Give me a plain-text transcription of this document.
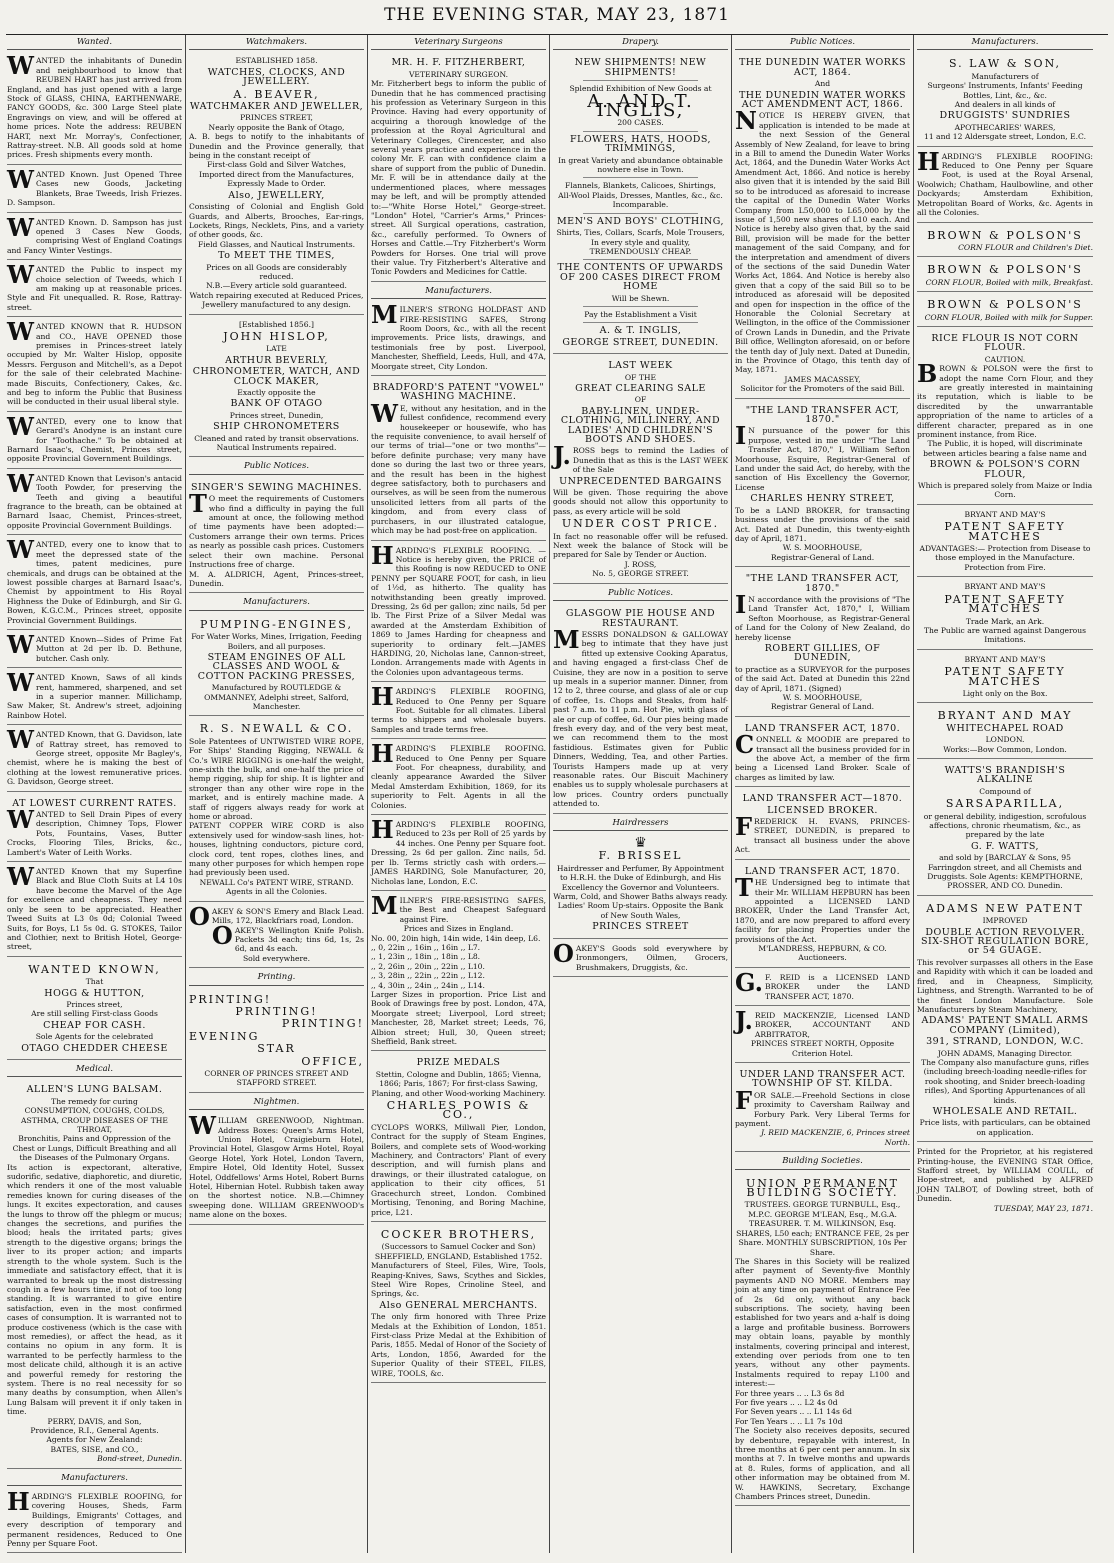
THE EVENING STAR, MAY 23, 1871
Wanted.

WANTED the inhabitants of Dunedin and neighbourhood to know that REUBEN HART has just arrived from England, and has just opened with a large Stock of GLASS, CHINA, EARTHENWARE, FANCY GOODS, &c. 300 Large Steel plate Engravings on view, and will be offered at home prices. Note the address: REUBEN HART, next Mr. Morray's, Confectioner, Rattray-street. N.B. All goods sold at home prices. Fresh shipments every month.

WANTED Known. Just Opened Three Cases new Goods, Jacketing Blankets, Brae Tweeds, Irish Friezes. D. Sampson.

WANTED Known. D. Sampson has just opened 3 Cases New Goods, comprising West of England Coatings and Fancy Winter Vestings.

WANTED the Public to inspect my choice selection of Tweeds, which I am making up at reasonable prices. Style and Fit unequalled. R. Rose, Rattray-street.

WANTED KNOWN that R. HUDSON and CO., HAVE OPENED those premises in Princes-street lately occupied by Mr. Walter Hislop, opposite Messrs. Ferguson and Mitchell's, as a Depot for the sale of their celebrated Machine-made Biscuits, Confectionery, Cakes, &c. and beg to inform the Public that Business will be conducted in their usual liberal style.

WANTED, every one to know that Gerard's Anodyne is an instant cure for "Toothache." To be obtained at Barnard Isaac's, Chemist, Princes street, opposite Provincial Government Buildings.

WANTED Known that Levison's antacid Tooth Powder, for preserving the Teeth and giving a beautiful fragrance to the breath, can be obtained at Barnard Isaac, Chemist, Princes-street, opposite Provincial Government Buildings.

WANTED, every one to know that to meet the depressed state of the times, patent medicines, pure chemicals, and drugs can be obtained at the lowest possible charges at Barnard Isaac's, Chemist by appointment to His Royal Highness the Duke of Edinburgh, and Sir G. Bowen, K.G.C.M., Princes street, opposite Provincial Government Buildings.

WANTED Known—Sides of Prime Fat Mutton at 2d per lb. D. Bethune, butcher. Cash only.

WANTED Known, Saws of all kinds rent, hammered, sharpened, and set in a superior manner. Millichamp, Saw Maker, St. Andrew's street, adjoining Rainbow Hotel.

WANTED Known, that G. Davidson, late of Rattray street, has removed to George street, opposite Mr Bagley's, chemist, where he is making the best of clothing at the lowest remunerative prices. G. Davidson, George street.

AT LOWEST CURRENT RATES.

WANTED to Sell Drain Pipes of every description, Chimney Tops, Flower Pots, Fountains, Vases, Butter Crocks, Flooring Tiles, Bricks, &c., Lambert's Water of Leith Works.

WANTED Known that my Superfine Black and Blue Cloth Suits at L4 10s have become the Marvel of the Age for excellence and cheapness. They need only be seen to be appreciated. Heather Tweed Suits at L3 0s 0d; Colonial Tweed Suits, for Boys, L1 5s 0d. G. STOKES, Tailor and Clothier, next to British Hotel, George-street,

WANTED KNOWN,

That

HOGG & HUTTON,

Princes street,

Are still selling First-class Goods

CHEAP FOR CASH.

Sole Agents for the celebrated

OTAGO CHEDDER CHEESE

Medical.

ALLEN'S LUNG BALSAM.

The remedy for curing

CONSUMPTION, COUGHS, COLDS, ASTHMA, CROUP DISEASES OF THE THROAT,

Bronchitis, Pains and Oppression of the Chest or Lungs, Difficult Breathing and all the Diseases of the Pulmonary Organs.

Its action is expectorant, alterative, sudorific, sedative, diaphoretic, and diuretic, which renders it one of the most valuable remedies known for curing diseases of the lungs. It excites expectoration, and causes the lungs to throw off the phlegm or mucus; changes the secretions, and purifies the blood; heals the irritated parts; gives strength to the digestive organs; brings the liver to its proper action; and imparts strength to the whole system. Such is the immediate and satisfactory effect, that it is warranted to break up the most distressing cough in a few hours time, if not of too long standing. It is warranted to give entire satisfaction, even in the most confirmed cases of consumption. It is warranted not to produce costiveness (which is the case with most remedies), or affect the head, as it contains no opium in any form. It is warranted to be perfectly harmless to the most delicate child, although it is an active and powerful remedy for restoring the system. There is no real necessity for so many deaths by consumption, when Allen's Lung Balsam will prevent it if only taken in time.

PERRY, DAVIS, and Son,

Providence, R.I., General Agents.

Agents for New Zealand:

BATES, SISE, and CO.,

Bond-street, Dunedin.

Manufacturers.

HARDING'S FLEXIBLE ROOFING, for covering Houses, Sheds, Farm Buildings, Emigrants' Cottages, and every description of temporary and permanent residences, Reduced to One Penny per Square Foot.

Watchmakers.

ESTABLISHED 1858.

WATCHES, CLOCKS, AND JEWELLERY.

A. BEAVER,

WATCHMAKER AND JEWELLER,

PRINCES STREET,

Nearly opposite the Bank of Otago,

A. B. begs to notify to the inhabitants of Dunedin and the Province generally, that being in the constant receipt of

First-class Gold and Silver Watches,

Imported direct from the Manufactures, Expressly Made to Order.

Also, JEWELLERY,

Consisting of Colonial and English Gold Guards, and Alberts, Brooches, Ear-rings, Lockets, Rings, Necklets, Pins, and a variety of other goods, &c.

Field Glasses, and Nautical Instruments.

To MEET THE TIMES,

Prices on all Goods are considerably reduced.

N.B.—Every article sold guaranteed.

Watch repairing executed at Reduced Prices,

Jewellery manufactured to any design.

[Established 1856.]

JOHN HISLOP,

LATE

ARTHUR BEVERLY,

CHRONOMETER, WATCH, AND CLOCK MAKER,

Exactly opposite the

BANK OF OTAGO

Princes street, Dunedin,

SHIP CHRONOMETERS

Cleaned and rated by transit observations. Nautical Instruments repaired.

Public Notices.

SINGER'S SEWING MACHINES.

TO meet the requirements of Customers who find a difficulty in paying the full amount at once, the following method of time payments have been adopted:—Customers arrange their own terms. Prices as nearly as possible cash prices. Customers select their own machine. Personal Instructions free of charge.

M. A. ALDRICH, Agent, Princes-street, Dunedin.

Manufacturers.

PUMPING-ENGINES,

For Water Works, Mines, Irrigation, Feeding Boilers, and all purposes.

STEAM ENGINES OF ALL CLASSES AND WOOL & COTTON PACKING PRESSES,

Manufactured by ROUTLEDGE & OMMANNEY, Adelphi street, Salford, Manchester.

R. S. NEWALL & CO.

Sole Patentees of UNTWISTED WIRE ROPE, For Ships' Standing Rigging, NEWALL & Co.'s WIRE RIGGING is one-half the weight, one-sixth the bulk, and one-half the price of hemp rigging, ship for ship. It is lighter and stronger than any other wire rope in the market, and is entirely machine made. A staff of riggers always ready for work at home or abroad.

PATENT COPPER WIRE CORD is also extensively used for window-sash lines, hot-houses, lightning conductors, picture cord, clock cord, tent ropes, clothes lines, and many other purposes for which hempen rope had previously been used.

NEWALL Co's PATENT WIRE, STRAND. Agents in all the Colonies.

OAKEY & SON'S Emery and Black Lead. Mills, 172, Blackfriars road, London.

OAKEY'S Wellington Knife Polish. Packets 3d each; tins 6d, 1s, 2s 6d, and 4s each.

Sold everywhere.

Printing.

PRINTING!

PRINTING!

PRINTING!

EVENING

STAR

OFFICE,

CORNER OF PRINCES STREET AND

STAFFORD STREET.

Nightmen.

WILLIAM GREENWOOD, Nightman. Address Boxes: Queen's Arms Hotel, Union Hotel, Craigieburn Hotel, Provincial Hotel, Glasgow Arms Hotel, Royal George Hotel, York Hotel, London Tavern, Empire Hotel, Old Identity Hotel, Sussex Hotel, Oddfellows' Arms Hotel, Robert Burns Hotel, Hibernian Hotel. Rubbish taken away on the shortest notice. N.B.—Chimney sweeping done. WILLIAM GREENWOOD's name alone on the boxes.

Veterinary Surgeons

MR. H. F. FITZHERBERT,

VETERINARY SURGEON.

Mr. Fitzherbert begs to inform the public of Dunedin that he has commenced practising his profession as Veterinary Surgeon in this Province. Having had every opportunity of acquiring a thorough knowledge of the profession at the Royal Agricultural and Veterinary Colleges, Cirencester, and also several years practice and experience in the colony Mr. F. can with confidence claim a share of support from the public of Dunedin. Mr. F. will be in attendance daily at the undermentioned places, where messages may be left, and will be promptly attended to:—"White Horse Hotel," George-street. "London" Hotel, "Carrier's Arms," Princes-street. All Surgical operations, castration, &c., carefully performed. To Owners of Horses and Cattle.—Try Fitzherbert's Worm Powders for Horses. One trial will prove their value. Try Fitzherbert's Alterative and Tonic Powders and Medicines for Cattle.

Manufacturers.

MILNER'S STRONG HOLDFAST AND FIRE-RESISTING SAFES, Strong Room Doors, &c., with all the recent improvements. Price lists, drawings, and testimonials free by post. Liverpool, Manchester, Sheffield, Leeds, Hull, and 47A, Moorgate street, City London.

BRADFORD'S PATENT "VOWEL" WASHING MACHINE.

WE, without any hesitation, and in the fullest confidence, recommend every housekeeper or housewife, who has the requisite convenience, to avail herself of our terms of trial—"one or two months"—before definite purchase; very many have done so during the last two or three years, and the result has been in the highest degree satisfactory, both to purchasers and ourselves, as will be seen from the numerous unsolicited letters from all parts of the kingdom, and from every class of purchasers, in our illustrated catalogue, which may be had post-free on application.

HARDING'S FLEXIBLE ROOFING. —Notice is hereby given, the PRICE of this Roofing is now REDUCED to ONE PENNY per SQUARE FOOT, for cash, in lieu of 1½d, as hitherto. The quality has notwithstanding been greatly improved. Dressing, 2s 6d per gallon; zinc nails, 5d per lb. The First Prize of a Silver Medal was awarded at the Amsterdam Exhibition of 1869 to James Harding for cheapness and superiority to ordinary felt.—JAMES HARDING, 20, Nicholas lane, Cannon-street, London. Arrangements made with Agents in the Colonies upon advantageous terms.

HARDING'S FLEXIBLE ROOFING, Reduced to One Penny per Square Foot. Suitable for all climates. Liberal terms to shippers and wholesale buyers. Samples and trade terms free.

HARDING'S FLEXIBLE ROOFING. Reduced to One Penny per Square Foot. For cheapness, durability, and cleanly appearance Awarded the Silver Medal Amsterdam Exhibition, 1869, for its superiority to Felt. Agents in all the Colonies.

HARDING'S FLEXIBLE ROOFING, Reduced to 23s per Roll of 25 yards by 44 inches. One Penny per Square foot. Dressing, 2s 6d per gallon. Zinc nails, 5d. per lb. Terms strictly cash with orders.—JAMES HARDING, Sole Manufacturer, 20, Nicholas lane, London, E.C.

MILNER'S FIRE-RESISTING SAFES, the Best and Cheapest Safeguard against Fire.

Prices and Sizes in England.

No. 00, 20in high, 14in wide, 14in deep, L6.

,, 0, 22in ,, 16in ,, 16in ,, L7.

,, 1, 23in ,, 18in ,, 18in ,, L8.

,, 2, 26in ,, 20in ,, 22in ,, L10.

,, 3, 28in ,, 22in ,, 22in ,, L12.

,, 4, 30in ,, 24in ,, 24in ,, L14.

Larger Sizes in proportion. Price List and Book of Drawings free by post. London, 47A, Moorgate street; Liverpool, Lord street; Manchester, 28, Market street; Leeds, 76, Albion street; Hull, 30, Queen street; Sheffield, Bank street.

PRIZE MEDALS

Stettin, Cologne and Dublin, 1865; Vienna, 1866; Paris, 1867; For first-class Sawing, Planing, and other Wood-working Machinery.

CHARLES POWIS & CO.,

CYCLOPS WORKS, Millwall Pier, London, Contract for the supply of Steam Engines, Boilers, and complete sets of Wood-working Machinery, and Contractors' Plant of every description, and will furnish plans and drawings, or their illustrated catalogue, on application to their city offices, 51 Gracechurch street, London. Combined Mortising, Tenoning, and Boring Machine, price, L21.

COCKER BROTHERS,

(Successors to Samuel Cocker and Son) SHEFFIELD, ENGLAND, Established 1752.

Manufacturers of Steel, Files, Wire, Tools, Reaping-Knives, Saws, Scythes and Sickles, Steel Wire Ropes, Crinoline Steel, and Springs, &c.

Also GENERAL MERCHANTS.

The only firm honored with Three Prize Medals at the Exhibition of London, 1851. First-class Prize Medal at the Exhibition of Paris, 1855. Medal of Honor of the Society of Arts, London, 1856, Awarded for the Superior Quality of their STEEL, FILES, WIRE, TOOLS, &c.

Drapery.

NEW SHIPMENTS! NEW SHIPMENTS!

Splendid Exhibition of New Goods at

A. AND T. INGLIS,

200 CASES.

FLOWERS, HATS, HOODS, TRIMMINGS,

In great Variety and abundance obtainable nowhere else in Town.

Flannels, Blankets, Calicoes, Shirtings,

All-Wool Plaids, Dresses, Mantles, &c., &c.

Incomparable.

MEN'S AND BOYS' CLOTHING,

Shirts, Ties, Collars, Scarfs, Mole Trousers,

In every style and quality,

TREMENDOUSLY CHEAP.

THE CONTENTS OF UPWARDS OF 200 CASES DIRECT FROM HOME

Will be Shewn.

Pay the Establishment a Visit

A. & T. INGLIS,

GEORGE STREET, DUNEDIN.

LAST WEEK

OF THE

GREAT CLEARING SALE

OF

BABY-LINEN, UNDER-CLOTHING, MILLINERY, AND LADIES' AND CHILDREN'S BOOTS AND SHOES.

J.ROSS begs to remind the Ladies of Dunedin that as this is the LAST WEEK of the Sale

UNPRECEDENTED BARGAINS

Will be given. Those requiring the above goods should not allow this opportunity to pass, as every article will be sold

UNDER COST PRICE.

In fact no reasonable offer will be refused. Next week the balance of Stock will be prepared for Sale by Tender or Auction.

J. ROSS,

No. 5, GEORGE STREET.

Public Notices.

GLASGOW PIE HOUSE AND RESTAURANT.

MESSRS DONALDSON & GALLOWAY beg to intimate that they have just fitted up extensive Cooking Aparatus, and having engaged a first-class Chef de Cuisine, they are now in a position to serve up meals in a superior manner. Dinner, from 12 to 2, three course, and glass of ale or cup of coffee, 1s. Chops and Steaks, from half-past 7 a.m. to 11 p.m. Hot Pie, with glass of ale or cup of coffee, 6d. Our pies being made fresh every day, and of the very best meat, we can recommend them to the most fastidious. Estimates given for Public Dinners, Wedding, Tea, and other Parties. Tourists Hampers made up at very reasonable rates. Our Biscuit Machinery enables us to supply wholesale purchasers at low prices. Country orders punctually attended to.

Hairdressers
♛

F. BRISSEL

Hairdresser and Perfumer, By Appointment to H.R.H. the Duke of Edinburgh, and His Excellency the Governor and Volunteers. Warm, Cold, and Shower Baths always ready. Ladies' Room Up-stairs. Opposite the Bank of New South Wales,

PRINCES STREET

OAKEY'S Goods sold everywhere by Ironmongers, Oilmen, Grocers, Brushmakers, Druggists, &c.

Public Notices.

THE DUNEDIN WATER WORKS ACT, 1864.

And

THE DUNEDIN WATER WORKS ACT AMENDMENT ACT, 1866.

NOTICE IS HEREBY GIVEN, that application is intended to be made at the next Session of the General Assembly of New Zealand, for leave to bring in a Bill to amend the Dunedin Water Works Act, 1864, and the Dunedin Water Works Act Amendment Act, 1866. And notice is hereby also given that it is intended by the said Bill so to be introduced as aforesaid to increase the capital of the Dunedin Water Works Company from L50,000 to L65,000 by the issue of 1,500 new shares of L10 each. And Notice is hereby also given that, by the said Bill, provision will be made for the better management of the said Company, and for the interpretation and amendment of divers of the sections of the said Dunedin Water Works Act, 1864. And Notice is hereby also given that a copy of the said Bill so to be introduced as aforesaid will be deposited and open for inspection in the office of the Honorable the Colonial Secretary at Wellington, in the office of the Commissioner of Crown Lands in Dunedin, and the Private Bill office, Wellington aforesaid, on or before the tenth day of July next. Dated at Dunedin, in the Province of Otago, this tenth day of May, 1871.

JAMES MACASSEY,

Solicitor for the Promoters of the said Bill.

"THE LAND TRANSFER ACT, 1870."

IN pursuance of the power for this purpose, vested in me under "The Land Transfer Act, 1870," I, William Sefton Moorhouse, Esquire, Registrar-General of Land under the said Act, do hereby, with the sanction of His Excellency the Governor, License

CHARLES HENRY STREET,

To be a LAND BROKER, for transacting business under the provisions of the said Act. Dated at Dunedin, this twenty-eighth day of April, 1871.

W. S. MOORHOUSE,

Registrar-General of Land.

"THE LAND TRANSFER ACT, 1870."

IN accordance with the provisions of "The Land Transfer Act, 1870," I, William Sefton Moorhouse, as Registrar-General of Land for the Colony of New Zealand, do hereby license

ROBERT GILLIES, OF DUNEDIN,

to practice as a SURVEYOR for the purposes of the said Act. Dated at Dunedin this 22nd day of April, 1871. (Signed)

W. S. MOORHOUSE,

Registrar General of Land.

LAND TRANSFER ACT, 1870.

CONNELL & MOODIE are prepared to transact all the business provided for in the above Act, a member of the firm being a Licensed Land Broker. Scale of charges as limited by law.

LAND TRANSFER ACT—1870.

LICENSED BROKER.

FREDERICK H. EVANS, PRINCES-STREET, DUNEDIN, is prepared to transact all business under the above Act.

LAND TRANSFER ACT, 1870.

THE Undersigned beg to intimate that their Mr. WILLIAM HEPBURN has been appointed a LICENSED LAND BROKER, Under the Land Transfer Act, 1870, and are now prepared to afford every facility for placing Properties under the provisions of the Act.

M'LANDRESS, HEPBURN, & CO. Auctioneers.

G.F. REID is a LICENSED LAND BROKER under the LAND TRANSFER ACT, 1870.

J.REID MACKENZIE, Licensed LAND BROKER, ACCOUNTANT AND ARBITRATOR,

PRINCES STREET NORTH, Opposite Criterion Hotel.

UNDER LAND TRANSFER ACT. TOWNSHIP OF ST. KILDA.

FOR SALE.—Freehold Sections in close proximity to Caversham Railway and Forbury Park. Very Liberal Terms for payment.

J. REID MACKENZIE, 6, Princes street North.

Building Societies.

UNION PERMANENT BUILDING SOCIETY.

TRUSTEES. GEORGE TURNBULL, Esq., M.P.C. GEORGE M'LEAN, Esq., M.G.A.

TREASURER. T. M. WILKINSON, Esq.

SHARES, L50 each; ENTRANCE FEE, 2s per Share. MONTHLY SUBSCRIPTION, 10s Per Share.

The Shares in this Society will be realized after payment of Seventy-five Monthly payments AND NO MORE. Members may join at any time on payment of Entrance Fee of 2s 6d only, without any back subscriptions. The society, having been established for two years and a-half is doing a large and profitable business. Borrowers may obtain loans, payable by monthly instalments, covering principal and interest, extending over periods from one to ten years, without any other payments. Instalments required to repay L100 and interest:—

For three years .. .. L3 6s 8d

For five years .. .. L2 4s 0d

For Seven years .. .. L1 14s 6d

For Ten Years .. .. L1 7s 10d

The Society also receives deposits, secured by debenture, repayable with interest, In three months at 6 per cent per annum. In six months at 7. In twelve months and upwards at 8. Rules, forms of application, and all other information may be obtained from M. W. HAWKINS, Secretary, Exchange Chambers Princes street, Dunedin.

Manufacturers.

S. LAW & SON,

Manufacturers of

Surgeons' Instruments, Infants' Feeding Bottles, Lint, &c., &c.

And dealers in all kinds of

DRUGGISTS' SUNDRIES

APOTHECARIES' WARES,

11 and 12 Aldersgate street, London, E.C.

HARDING'S FLEXIBLE ROOFING: Reduced to One Penny per Square Foot, is used at the Royal Arsenal, Woolwich; Chatham, Haulbowline, and other Dockyards; Amsterdam Exhibition, Metropolitan Board of Works, &c. Agents in all the Colonies.

BROWN & POLSON'S

CORN FLOUR and Children's Diet.

BROWN & POLSON'S

CORN FLOUR, Boiled with milk, Breakfast.

BROWN & POLSON'S

CORN FLOUR, Boiled with milk for Supper.

RICE FLOUR IS NOT CORN FLOUR.

CAUTION.

BROWN & POLSON were the first to adopt the name Corn Flour, and they are greatly interested in maintaining its reputation, which is liable to be discredited by the unwarrantable appropriation of the name to articles of a different character, prepared as in one prominent instance, from Rice.

The Public, it is hoped, will discriminate between articles bearing a false name and

BROWN & POLSON'S CORN FLOUR,

Which is prepared solely from Maize or India Corn.

BRYANT AND MAY'S

PATENT SAFETY MATCHES

ADVANTAGES:— Protection from Disease to those employed in the Manufacture. Protection from Fire.

BRYANT AND MAY'S

PATENT SAFETY MATCHES

Trade Mark, an Ark.

The Public are warned against Dangerous Imitations.

BRYANT AND MAY'S

PATENT SAFETY MATCHES

Light only on the Box.

BRYANT AND MAY

WHITECHAPEL ROAD

LONDON.

Works:—Bow Common, London.

WATTS'S BRANDISH'S ALKALINE

Compound of

SARSAPARILLA,

or general debility, indigestion, scrofulous affections, chronic rheumatism, &c., as prepared by the late

G. F. WATTS,

and sold by [BARCLAY & Sons, 95 Farringdon street, and all Chemists and Druggists. Sole Agents: KEMPTHORNE, PROSSER, AND CO. Dunedin.

ADAMS NEW PATENT

IMPROVED

DOUBLE ACTION REVOLVER. SIX-SHOT REGULATION BORE, or 54 GUAGE.

This revolver surpasses all others in the Ease and Rapidity with which it can be loaded and fired, and in Cheapness, Simplicity, Lightness, and Strength. Warranted to be of the finest London Manufacture. Sole Manufacturers by Steam Machinery,

ADAMS' PATENT SMALL ARMS COMPANY (Limited),

391, STRAND, LONDON, W.C.

JOHN ADAMS, Managing Director.

The Company also manufacture guns, rifles (including breech-loading needle-rifles for rook shooting, and Snider breech-loading rifles), And Sporting Appurtenances of all kinds.

WHOLESALE AND RETAIL.

Price lists, with particulars, can be obtained on application.

Printed for the Proprietor, at his registered Printing-house, the EVENING STAR Office, Stafford street, by WILLIAM COULL, of Hope-street, and published by ALFRED JOHN TALBOT, of Dowling street, both of Dunedin.

TUESDAY, MAY 23, 1871.
